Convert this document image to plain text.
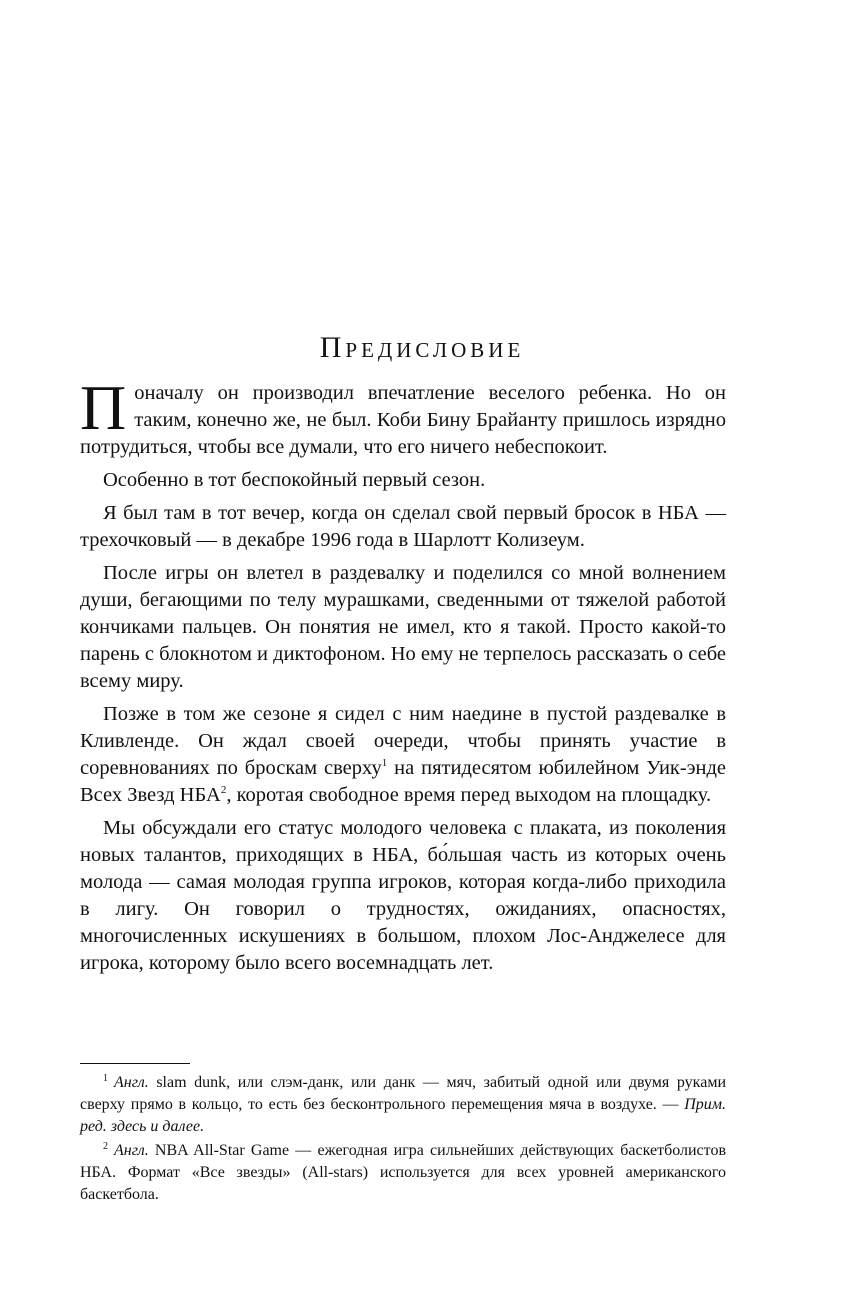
Предисловие

Поначалу он производил впечатление веселого ребенка. Но он таким, конечно же, не был. Коби Бину Брайанту пришлось изрядно потрудиться, чтобы все думали, что его ничего небеспокоит.

Особенно в тот беспокойный первый сезон.

Я был там в тот вечер, когда он сделал свой первый бросок в НБА — трехочковый — в декабре 1996 года в Шарлотт Колизеум.

После игры он влетел в раздевалку и поделился со мной волнением души, бегающими по телу мурашками, сведенными от тяжелой работой кончиками пальцев. Он понятия не имел, кто я такой. Просто какой-то парень с блокнотом и диктофоном. Но ему не терпелось рассказать о себе всему миру.

Позже в том же сезоне я сидел с ним наедине в пустой раздевалке в Кливленде. Он ждал своей очереди, чтобы принять участие в соревнованиях по броскам сверху$^1$ на пятидесятом юбилейном Уик-энде Всех Звезд НБА$^2$, коротая свободное время перед выходом на площадку.

Мы обсуждали его статус молодого человека с плаката, из поколения новых талантов, приходящих в НБА, бо́льшая часть из которых очень молода — самая молодая группа игроков, которая когда-либо приходила в лигу. Он говорил о трудностях, ожиданиях, опасностях, многочисленных искушениях в большом, плохом Лос-Анджелесе для игрока, которому было всего восемнадцать лет.

$^1$ Англ. slam dunk, или слэм-данк, или данк — мяч, забитый одной или двумя руками сверху прямо в кольцо, то есть без бесконтрольного перемещения мяча в воздухе. — Прим. ред. здесь и далее.

$^2$ Англ. NBA All-Star Game — ежегодная игра сильнейших действующих баскетболистов НБА. Формат «Все звезды» (All-stars) используется для всех уровней американского баскетбола.
